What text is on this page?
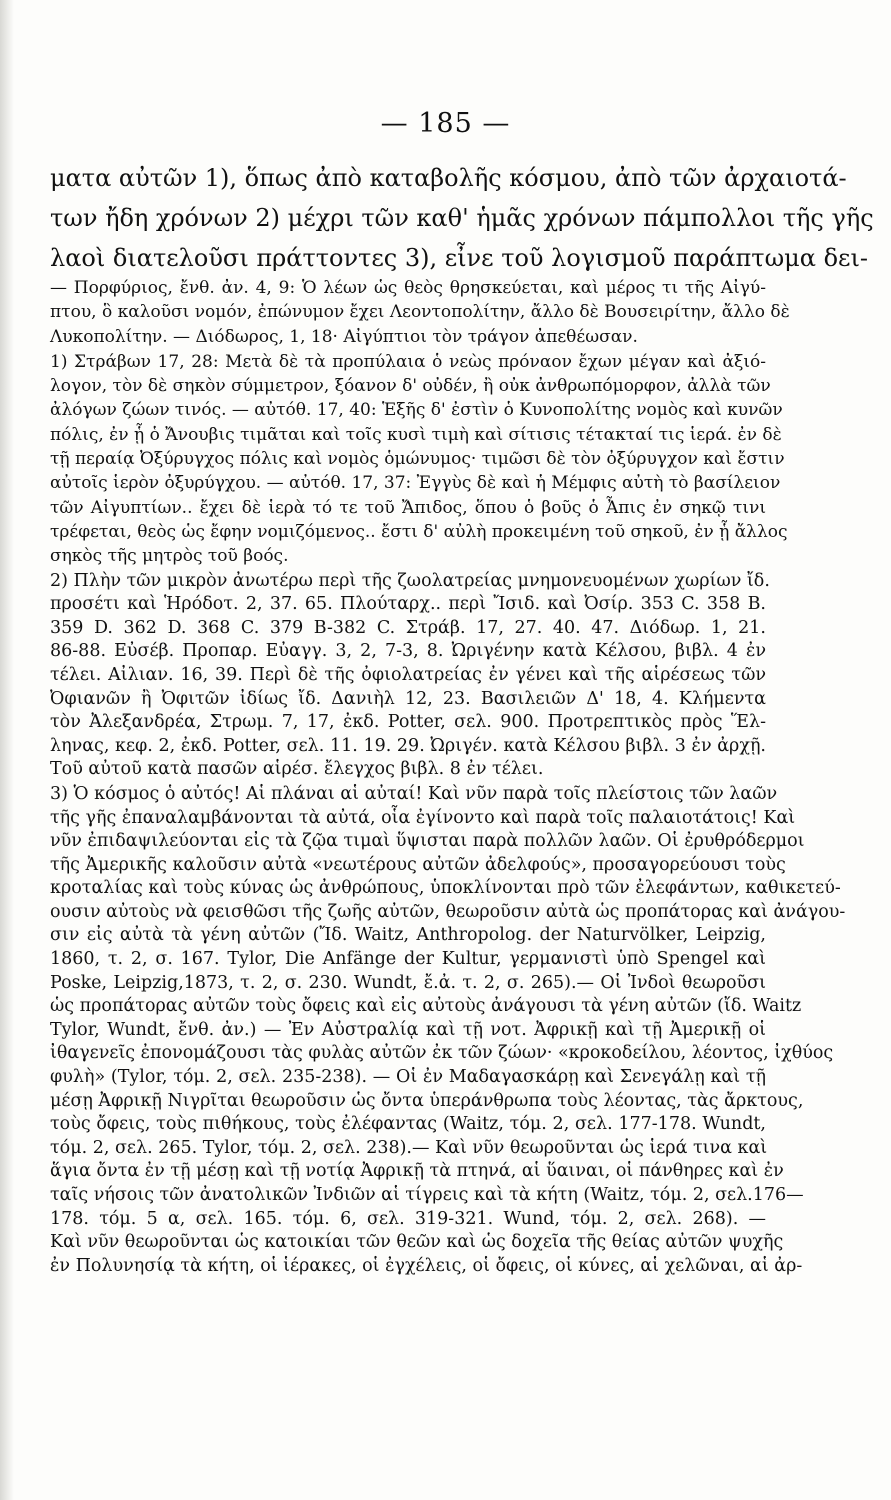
— 185 —
ματα αὐτῶν 1), ὅπως ἀπὸ καταβολῆς κόσμου, ἀπὸ τῶν ἀρχαιοτά-
των ἤδη χρόνων 2) μέχρι τῶν καθ' ἡμᾶς χρόνων πάμπολλοι τῆς γῆς
λαοὶ διατελοῦσι πράττοντες 3), εἶνε τοῦ λογισμοῦ παράπτωμα δει-
— Πορφύριος, ἔνθ. ἀν. 4, 9: Ὁ λέων ὡς θεὸς θρησκεύεται, καὶ μέρος τι τῆς Αἰγύ-
πτου, ὃ καλοῦσι νομόν, ἐπώνυμον ἔχει Λεοντοπολίτην, ἄλλο δὲ Βουσειρίτην, ἄλλο δὲ
Λυκοπολίτην. — Διόδωρος, 1, 18· Αἰγύπτιοι τὸν τράγον ἀπεθέωσαν.
1) Στράβων 17, 28: Μετὰ δὲ τὰ προπύλαια ὁ νεὼς πρόναον ἔχων μέγαν καὶ ἀξιό-
λογον, τὸν δὲ σηκὸν σύμμετρον, ξόανον δ' οὐδέν, ἢ οὐκ ἀνθρωπόμορφον, ἀλλὰ τῶν
ἀλόγων ζώων τινός. — αὐτόθ. 17, 40: Ἑξῆς δ' ἐστὶν ὁ Κυνοπολίτης νομὸς καὶ κυνῶν
πόλις, ἐν ᾗ ὁ Ἄνουβις τιμᾶται καὶ τοῖς κυσὶ τιμὴ καὶ σίτισις τέτακταί τις ἱερά. ἐν δὲ
τῇ περαίᾳ Ὀξύρυγχος πόλις καὶ νομὸς ὁμώνυμος· τιμῶσι δὲ τὸν ὀξύρυγχον καὶ ἔστιν
αὐτοῖς ἱερὸν ὀξυρύγχου. — αὐτόθ. 17, 37: Ἐγγὺς δὲ καὶ ἡ Μέμφις αὐτὴ τὸ βασίλειον
τῶν Αἰγυπτίων.. ἔχει δὲ ἱερὰ τό τε τοῦ Ἄπιδος, ὅπου ὁ βοῦς ὁ Ἆπις ἐν σηκῷ τινι
τρέφεται, θεὸς ὡς ἔφην νομιζόμενος.. ἔστι δ' αὐλὴ προκειμένη τοῦ σηκοῦ, ἐν ᾗ ἄλλος
σηκὸς τῆς μητρὸς τοῦ βοός.
2) Πλὴν τῶν μικρὸν ἀνωτέρω περὶ τῆς ζωολατρείας μνημονευομένων χωρίων ἴδ.
προσέτι καὶ Ἡρόδοτ. 2, 37. 65. Πλούταρχ.. περὶ Ἴσιδ. καὶ Ὀσίρ. 353 C. 358 B.
359 D. 362 D. 368 C. 379 B-382 C. Στράβ. 17, 27. 40. 47. Διόδωρ. 1, 21.
86-88. Εὐσέβ. Προπαρ. Εὐαγγ. 3, 2, 7-3, 8. Ὠριγένην κατὰ Κέλσου, βιβλ. 4 ἐν
τέλει. Αἰλιαν. 16, 39. Περὶ δὲ τῆς ὀφιολατρείας ἐν γένει καὶ τῆς αἱρέσεως τῶν
Ὀφιανῶν ἢ Ὀφιτῶν ἰδίως ἴδ. Δανιὴλ 12, 23. Βασιλειῶν Δ' 18, 4. Κλήμεντα
τὸν Ἀλεξανδρέα, Στρωμ. 7, 17, ἐκδ. Potter, σελ. 900. Προτρεπτικὸς πρὸς Ἕλ-
ληνας, κεφ. 2, ἐκδ. Potter, σελ. 11. 19. 29. Ὠριγέν. κατὰ Κέλσου βιβλ. 3 ἐν ἀρχῇ.
Τοῦ αὐτοῦ κατὰ πασῶν αἱρέσ. ἔλεγχος βιβλ. 8 ἐν τέλει.
3) Ὁ κόσμος ὁ αὐτός! Αἱ πλάναι αἱ αὐταί! Καὶ νῦν παρὰ τοῖς πλείστοις τῶν λαῶν
τῆς γῆς ἐπαναλαμβάνονται τὰ αὐτά, οἷα ἐγίνοντο καὶ παρὰ τοῖς παλαιοτάτοις! Καὶ
νῦν ἐπιδαψιλεύονται εἰς τὰ ζῷα τιμαὶ ὕψισται παρὰ πολλῶν λαῶν. Οἱ ἐρυθρόδερμοι
τῆς Ἀμερικῆς καλοῦσιν αὐτὰ «νεωτέρους αὐτῶν ἀδελφούς», προσαγορεύουσι τοὺς
κροταλίας καὶ τοὺς κύνας ὡς ἀνθρώπους, ὑποκλίνονται πρὸ τῶν ἐλεφάντων, καθικετεύ-
ουσιν αὐτοὺς νὰ φεισθῶσι τῆς ζωῆς αὐτῶν, θεωροῦσιν αὐτὰ ὡς προπάτορας καὶ ἀνάγου-
σιν εἰς αὐτὰ τὰ γένη αὐτῶν (Ἴδ. Waitz, Anthropolog. der Naturvölker, Leipzig,
1860, τ. 2, σ. 167. Tylor, Die Anfänge der Kultur, γερμανιστὶ ὑπὸ Spengel καὶ
Poske, Leipzig,1873, τ. 2, σ. 230. Wundt, ἔ.ἀ. τ. 2, σ. 265).— Οἱ Ἰνδοὶ θεωροῦσι
ὡς προπάτορας αὐτῶν τοὺς ὄφεις καὶ εἰς αὐτοὺς ἀνάγουσι τὰ γένη αὐτῶν (ἴδ. Waitz
Tylor, Wundt, ἔνθ. ἀν.) — Ἐν Αὐστραλίᾳ καὶ τῇ νοτ. Ἀφρικῇ καὶ τῇ Ἀμερικῇ οἱ
ἰθαγενεῖς ἐπονομάζουσι τὰς φυλὰς αὐτῶν ἐκ τῶν ζώων· «κροκοδείλου, λέοντος, ἰχθύος
φυλὴ» (Tylor, τόμ. 2, σελ. 235-238). — Οἱ ἐν Μαδαγασκάρῃ καὶ Σενεγάλῃ καὶ τῇ
μέσῃ Ἀφρικῇ Νιγρῖται θεωροῦσιν ὡς ὄντα ὑπεράνθρωπα τοὺς λέοντας, τὰς ἄρκτους,
τοὺς ὄφεις, τοὺς πιθήκους, τοὺς ἐλέφαντας (Waitz, τόμ. 2, σελ. 177-178. Wundt,
τόμ. 2, σελ. 265. Tylor, τόμ. 2, σελ. 238).— Καὶ νῦν θεωροῦνται ὡς ἱερά τινα καὶ
ἅγια ὄντα ἐν τῇ μέσῃ καὶ τῇ νοτίᾳ Ἀφρικῇ τὰ πτηνά, αἱ ὕαιναι, οἱ πάνθηρες καὶ ἐν
ταῖς νήσοις τῶν ἀνατολικῶν Ἰνδιῶν αἱ τίγρεις καὶ τὰ κήτη (Waitz, τόμ. 2, σελ.176—
178. τόμ. 5 α, σελ. 165. τόμ. 6, σελ. 319-321. Wund, τόμ. 2, σελ. 268). —
Καὶ νῦν θεωροῦνται ὡς κατοικίαι τῶν θεῶν καὶ ὡς δοχεῖα τῆς θείας αὐτῶν ψυχῆς
ἐν Πολυνησίᾳ τὰ κήτη, οἱ ἱέρακες, οἱ ἐγχέλεις, οἱ ὄφεις, οἱ κύνες, αἱ χελῶναι, αἱ ἀρ-
